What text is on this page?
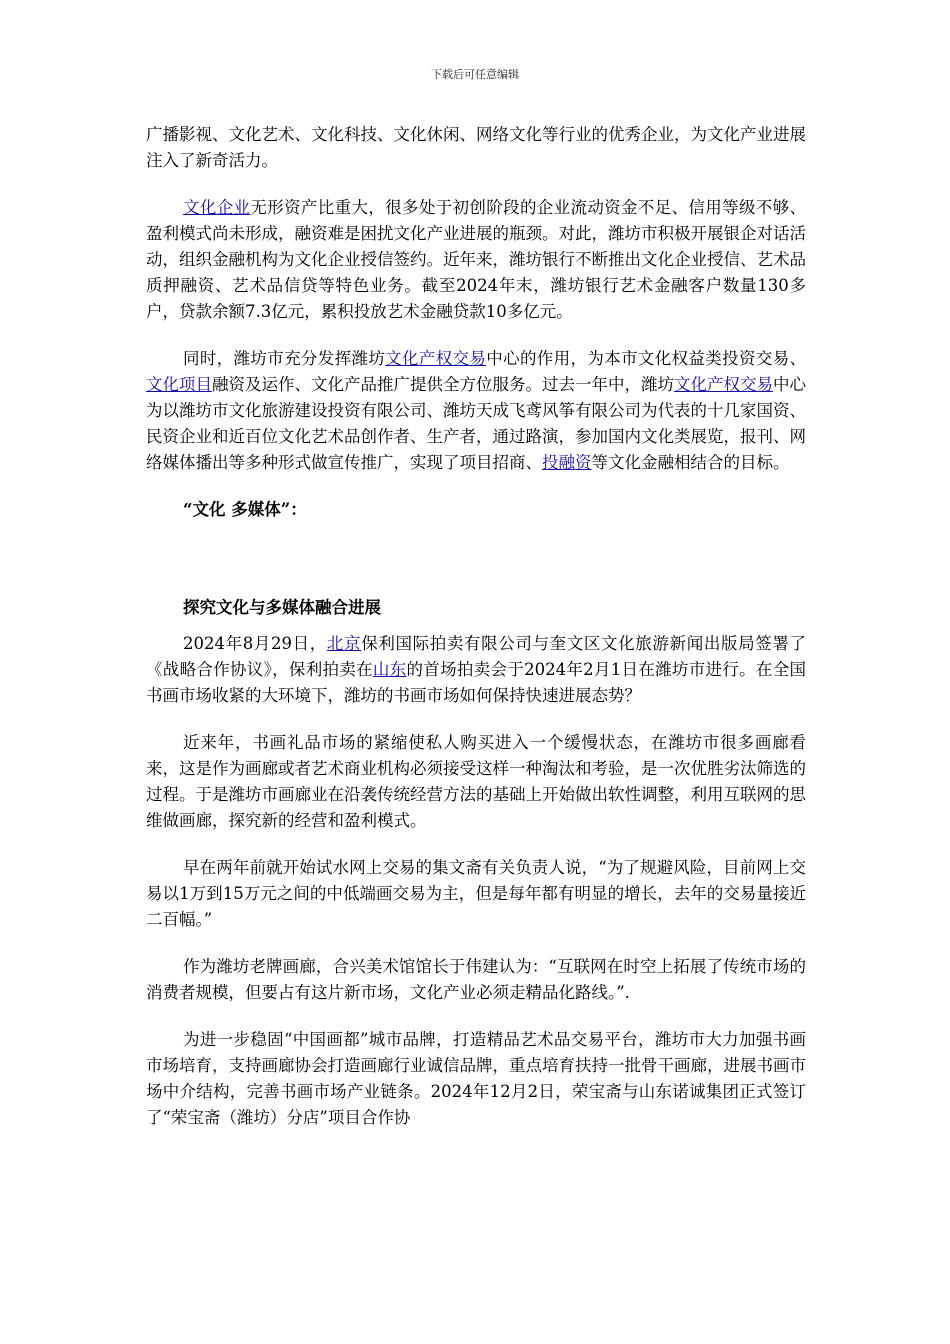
下载后可任意编辑

广播影视、文化艺术、文化科技、文化休闲、网络文化等行业的优秀企业，为文化产业进展注入了新奇活力。

文化企业无形资产比重大，很多处于初创阶段的企业流动资金不足、信用等级不够、盈利模式尚未形成，融资难是困扰文化产业进展的瓶颈。对此，潍坊市积极开展银企对话活动，组织金融机构为文化企业授信签约。近年来，潍坊银行不断推出文化企业授信、艺术品质押融资、艺术品信贷等特色业务。截至2024年末，潍坊银行艺术金融客户数量130多户，贷款余额7.3亿元，累积投放艺术金融贷款10多亿元。

同时，潍坊市充分发挥潍坊文化产权交易中心的作用，为本市文化权益类投资交易、文化项目融资及运作、文化产品推广提供全方位服务。过去一年中，潍坊文化产权交易中心为以潍坊市文化旅游建设投资有限公司、潍坊天成飞鸢风筝有限公司为代表的十几家国资、民资企业和近百位文化艺术品创作者、生产者，通过路演，参加国内文化类展览，报刊、网络媒体播出等多种形式做宣传推广，实现了项目招商、投融资等文化金融相结合的目标。

“文化 多媒体”：
探究文化与多媒体融合进展

2024年8月29日，北京保利国际拍卖有限公司与奎文区文化旅游新闻出版局签署了《战略合作协议》，保利拍卖在山东的首场拍卖会于2024年2月1日在潍坊市进行。在全国书画市场收紧的大环境下，潍坊的书画市场如何保持快速进展态势？

近来年，书画礼品市场的紧缩使私人购买进入一个缓慢状态，在潍坊市很多画廊看来，这是作为画廊或者艺术商业机构必须接受这样一种淘汰和考验，是一次优胜劣汰筛选的过程。于是潍坊市画廊业在沿袭传统经营方法的基础上开始做出软性调整，利用互联网的思维做画廊，探究新的经营和盈利模式。

早在两年前就开始试水网上交易的集文斋有关负责人说，“为了规避风险，目前网上交易以1万到15万元之间的中低端画交易为主，但是每年都有明显的增长，去年的交易量接近二百幅。”

作为潍坊老牌画廊，合兴美术馆馆长于伟建认为：“互联网在时空上拓展了传统市场的消费者规模，但要占有这片新市场，文化产业必须走精品化路线。”.

为进一步稳固“中国画都”城市品牌，打造精品艺术品交易平台，潍坊市大力加强书画市场培育，支持画廊协会打造画廊行业诚信品牌，重点培育扶持一批骨干画廊，进展书画市场中介结构，完善书画市场产业链条。2024年12月2日，荣宝斋与山东诺诚集团正式签订了“荣宝斋（潍坊）分店”项目合作协
